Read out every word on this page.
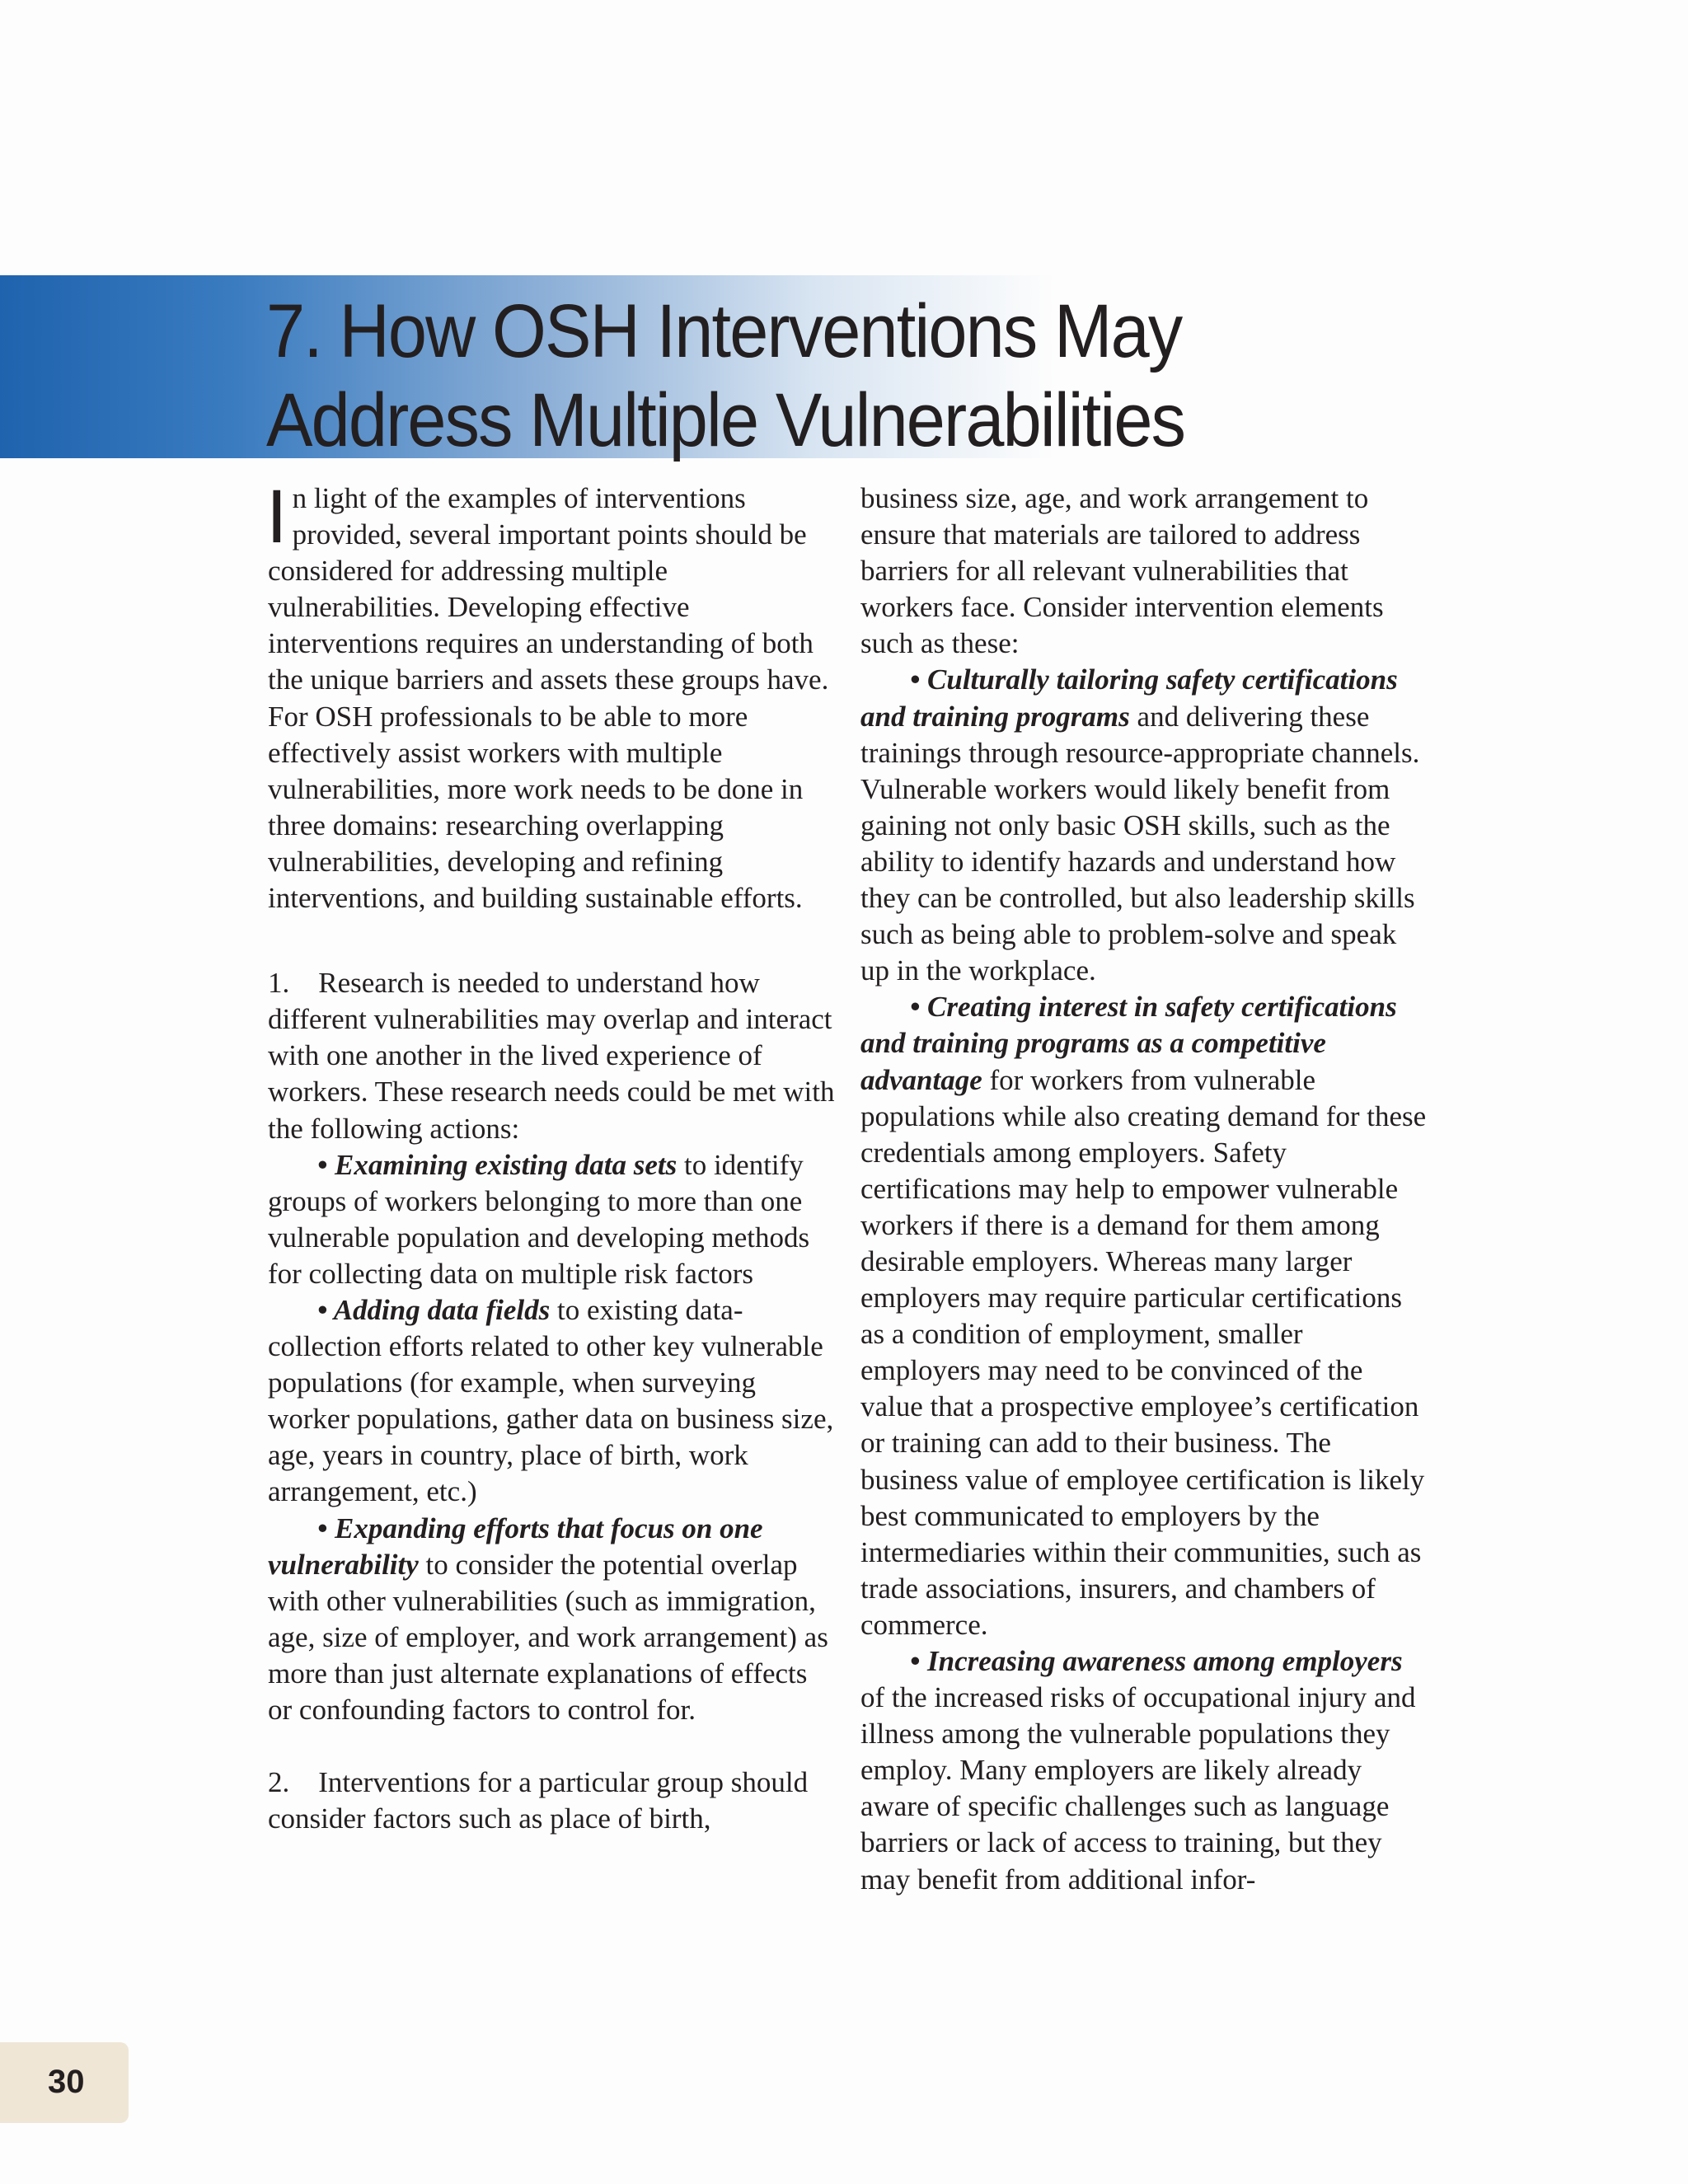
7. How OSH Interventions May
Address Multiple Vulnerabilities

In light of the examples of interventions provided, several important points should be considered for addressing multiple vulnerabilities. Developing effective interventions requires an understanding of both the unique barriers and assets these groups have. For OSH professionals to be able to more effectively assist workers with multiple vulnerabilities, more work needs to be done in three domains: researching overlapping vulnerabilities, developing and refining interventions, and building sustainable efforts.

1. Research is needed to understand how different vulnerabilities may overlap and interact with one another in the lived experience of workers. These research needs could be met with the following actions:

• Examining existing data sets to identify groups of workers belonging to more than one vulnerable population and developing methods for collecting data on multiple risk factors

• Adding data fields to existing data-collection efforts related to other key vulnerable populations (for example, when surveying worker populations, gather data on business size, age, years in country, place of birth, work arrangement, etc.)

• Expanding efforts that focus on one vulnerability to consider the potential overlap with other vulnerabilities (such as immigration, age, size of employer, and work arrangement) as more than just alternate explanations of effects or confounding factors to control for.

2. Interventions for a particular group should consider factors such as place of birth,

business size, age, and work arrangement to ensure that materials are tailored to address barriers for all relevant vulnerabilities that workers face. Consider intervention elements such as these:

• Culturally tailoring safety certifications and training programs and delivering these trainings through resource-appropriate channels. Vulnerable workers would likely benefit from gaining not only basic OSH skills, such as the ability to identify hazards and understand how they can be controlled, but also leadership skills such as being able to problem-solve and speak up in the workplace.

• Creating interest in safety certifications and training programs as a competitive advantage for workers from vulnerable populations while also creating demand for these credentials among employers. Safety certifications may help to empower vulnerable workers if there is a demand for them among desirable employers. Whereas many larger employers may require particular certifications as a condition of employment, smaller employers may need to be convinced of the value that a prospective employee’s certification or training can add to their business. The business value of employee certification is likely best communicated to employers by the intermediaries within their communities, such as trade associations, insurers, and chambers of commerce.

• Increasing awareness among employers of the increased risks of occupational injury and illness among the vulnerable populations they employ. Many employers are likely already aware of specific challenges such as language barriers or lack of access to training, but they may benefit from additional infor-

30
